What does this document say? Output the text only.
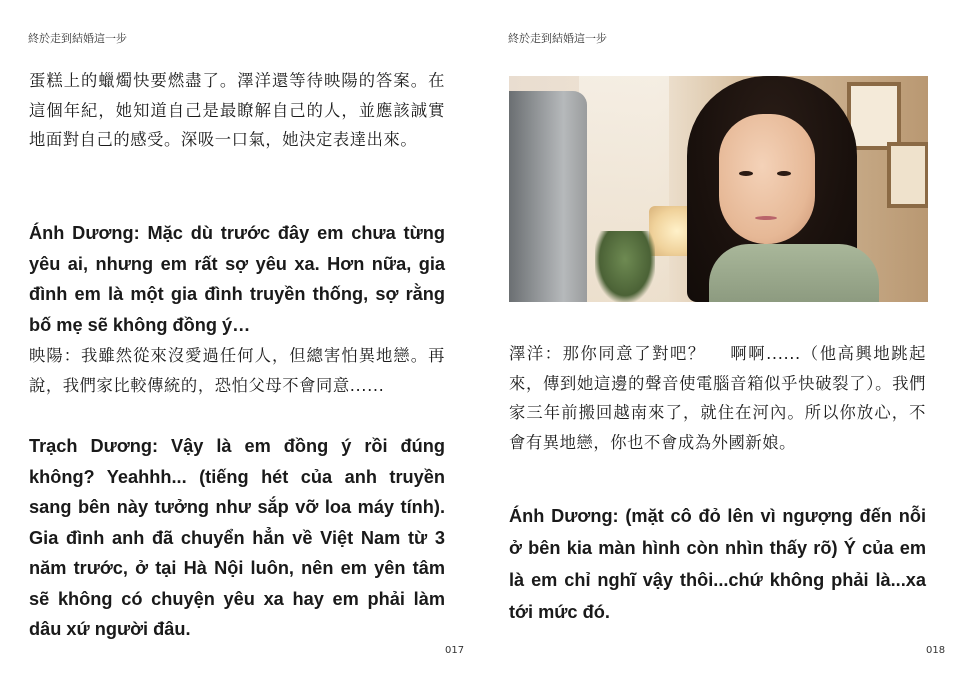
終於走到結婚這一步

蛋糕上的蠟燭快要燃盡了。澤洋還等待映陽的答案。在這個年紀，她知道自己是最瞭解自己的人，並應該誠實地面對自己的感受。深吸一口氣，她決定表達出來。

Ánh Dương: Mặc dù trước đây em chưa từng yêu ai, nhưng em rất sợ yêu xa. Hơn nữa, gia đình em là một gia đình truyền thống, sợ rằng bố mẹ sẽ không đồng ý…

映陽：我雖然從來沒愛過任何人，但總害怕異地戀。再說，我們家比較傳統的，恐怕父母不會同意......

Trạch Dương: Vậy là em đồng ý rồi đúng không? Yeahhh... (tiếng hét của anh truyền sang bên này tưởng như sắp vỡ loa máy tính). Gia đình anh đã chuyển hẳn về Việt Nam từ 3 năm trước, ở tại Hà Nội luôn, nên em yên tâm sẽ không có chuyện yêu xa hay em phải làm dâu xứ người đâu.

017
終於走到結婚這一步

澤洋：那你同意了對吧？　 啊啊......（他高興地跳起來，傳到她這邊的聲音使電腦音箱似乎快破裂了）。我們家三年前搬回越南來了，就住在河內。所以你放心，不會有異地戀，你也不會成為外國新娘。

Ánh Dương: (mặt cô đỏ lên vì ngượng đến nỗi ở bên kia màn hình còn nhìn thấy rõ) Ý của em là em chỉ nghĩ vậy thôi...chứ không phải là...xa tới mức đó.

018
